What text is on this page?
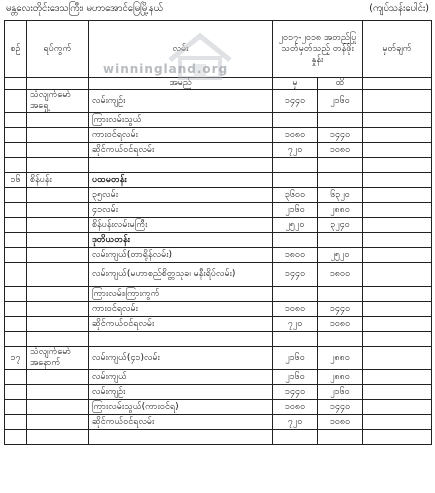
မန္တလေးတိုင်းဒေသကြီး၊ မဟာအောင်မြေမြို့နယ်	(ကျပ်သန်းပေါင်း)
စဉ်	ရပ်ကွက်	လမ်း	၂၀၁၇-၂၀၁၈ အတည်ပြု သတ်မှတ်သည့် တန်ဖိုးနှုန်း		မှတ်ချက်
		အမည်	မှ	ထိ	
	သံလျက်မော် အရှေ့	လမ်းကျဉ်း	၁၄၄၀	၂၁၆၀	
		ကြားလမ်းသွယ်			
		ကားဝင်ရလမ်း	၁၀၈၀	၁၄၄၀	
		ဆိုင်ကယ်ဝင်ရလမ်း	၇၂၀	၁၀၈၀	

၁၆	စိန်ပန်း	ပထမတန်း			
		၃၅လမ်း	၃၆၀၀	၆၃၂၀	
		၄၁လမ်း	၂၁၆၀	၂၈၈၀	
		စိန်ပန်းလမ်းမကြီး	၂၅၂၀	၃၂၄၀	
		ဒုတိယတန်း			
		လမ်းကျယ်(တာရိုန်လမ်း)	၁၈၀၀	၂၅၂၀	
		လမ်းကျယ်(မဟာစည်စိတ္တသုခ၊ မနီးရိပ်လမ်း)	၁၄၄၀	၁၈၀၀	
		ကြားလမ်း၊ကြားကွက်			
		ကားဝင်ရလမ်း	၁၀၈၀	၁၄၄၀	
		ဆိုင်ကယ်ဝင်ရလမ်း	၇၂၀	၁၀၈၀	

၁၇	သံလျက်မော် အနောက်	လမ်းကျယ်(၄၁)လမ်း	၂၁၆၀	၂၈၈၀	
		လမ်းကျယ်	၂၁၆၀	၂၈၈၀	
		လမ်းကျဉ်း	၁၄၄၀	၂၁၆၀	
		ကြားလမ်းသွယ်(ကားဝင်ရ)	၁၀၈၀	၁၄၄၀	
		ဆိုင်ကယ်ဝင်ရလမ်း	၇၂၀	၁၀၈၀	

winningland.org
